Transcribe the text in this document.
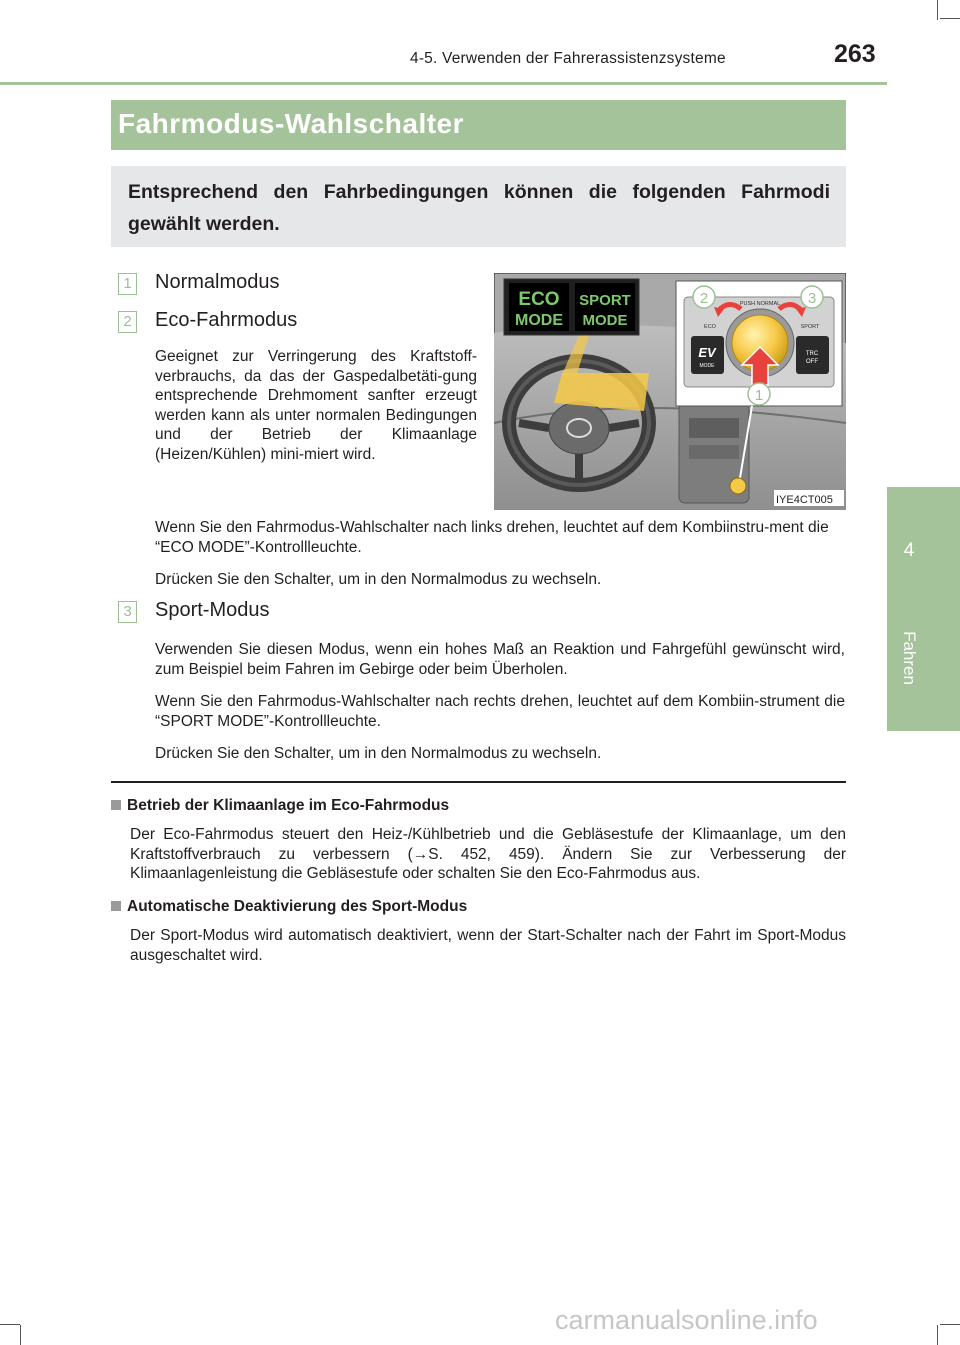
4-5. Verwenden der Fahrerassistenzsysteme	263
4
Fahren
Fahrmodus-Wahlschalter
Entsprechend den Fahrbedingungen können die folgenden Fahrmodi gewählt werden.
1 Normalmodus
2 Eco-Fahrmodus
Geeignet zur Verringerung des Kraftstoff-verbrauchs, da das der Gaspedalbetäti-gung entsprechende Drehmoment sanfter erzeugt werden kann als unter normalen Bedingungen und der Betrieb der Klimaanlage (Heizen/Kühlen) mini-miert wird.
Wenn Sie den Fahrmodus-Wahlschalter nach links drehen, leuchtet auf dem Kombiinstru-ment die “ECO MODE”-Kontrollleuchte.
Drücken Sie den Schalter, um in den Normalmodus zu wechseln.
3 Sport-Modus
Verwenden Sie diesen Modus, wenn ein hohes Maß an Reaktion und Fahrgefühl gewünscht wird, zum Beispiel beim Fahren im Gebirge oder beim Überholen.
Wenn Sie den Fahrmodus-Wahlschalter nach rechts drehen, leuchtet auf dem Kombiin-strument die “SPORT MODE”-Kontrollleuchte.
Drücken Sie den Schalter, um in den Normalmodus zu wechseln.
ECO
MODE
SPORT
MODE
EV
MODE
TRC
OFF
PUSH NORMAL
ECO	SPORT
2	3
1
IYE4CT005
Betrieb der Klimaanlage im Eco-Fahrmodus
Der Eco-Fahrmodus steuert den Heiz-/Kühlbetrieb und die Gebläsestufe der Klimaanlage, um den Kraftstoffverbrauch zu verbessern (→S. 452, 459). Ändern Sie zur Verbesserung der Klimaanlagenleistung die Gebläsestufe oder schalten Sie den Eco-Fahrmodus aus.
Automatische Deaktivierung des Sport-Modus
Der Sport-Modus wird automatisch deaktiviert, wenn der Start-Schalter nach der Fahrt im Sport-Modus ausgeschaltet wird.
carmanualsonline.info
